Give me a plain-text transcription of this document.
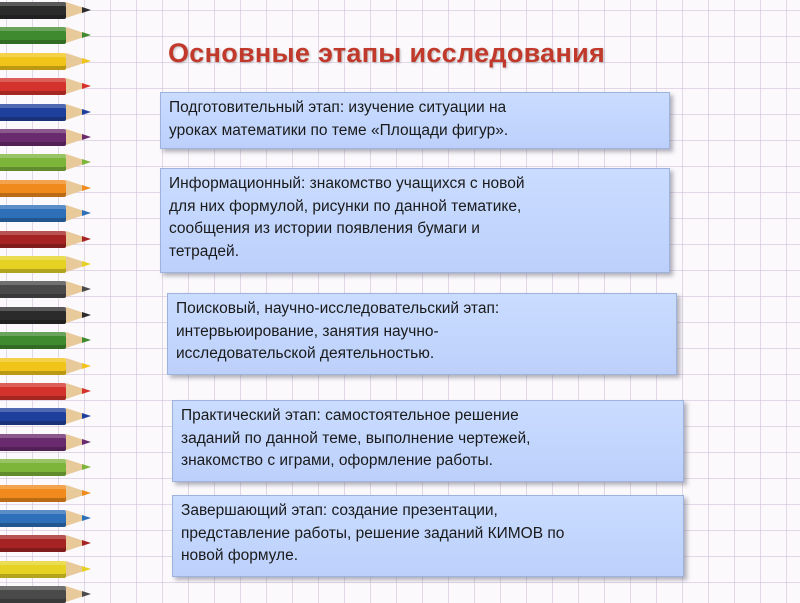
Основные этапы исследования
Подготовительный этап: изучение ситуации на
уроках математики по теме «Площади фигур».
Информационный: знакомство учащихся с новой
для них формулой, рисунки по данной тематике,
сообщения из истории появления бумаги и
тетрадей.
Поисковый, научно-исследовательский этап:
интервьюирование, занятия научно-
исследовательской деятельностью.
Практический этап: самостоятельное решение
заданий по данной теме, выполнение чертежей,
знакомство с играми, оформление работы.
Завершающий этап: создание презентации,
представление работы, решение заданий КИМОВ по
новой формуле.
